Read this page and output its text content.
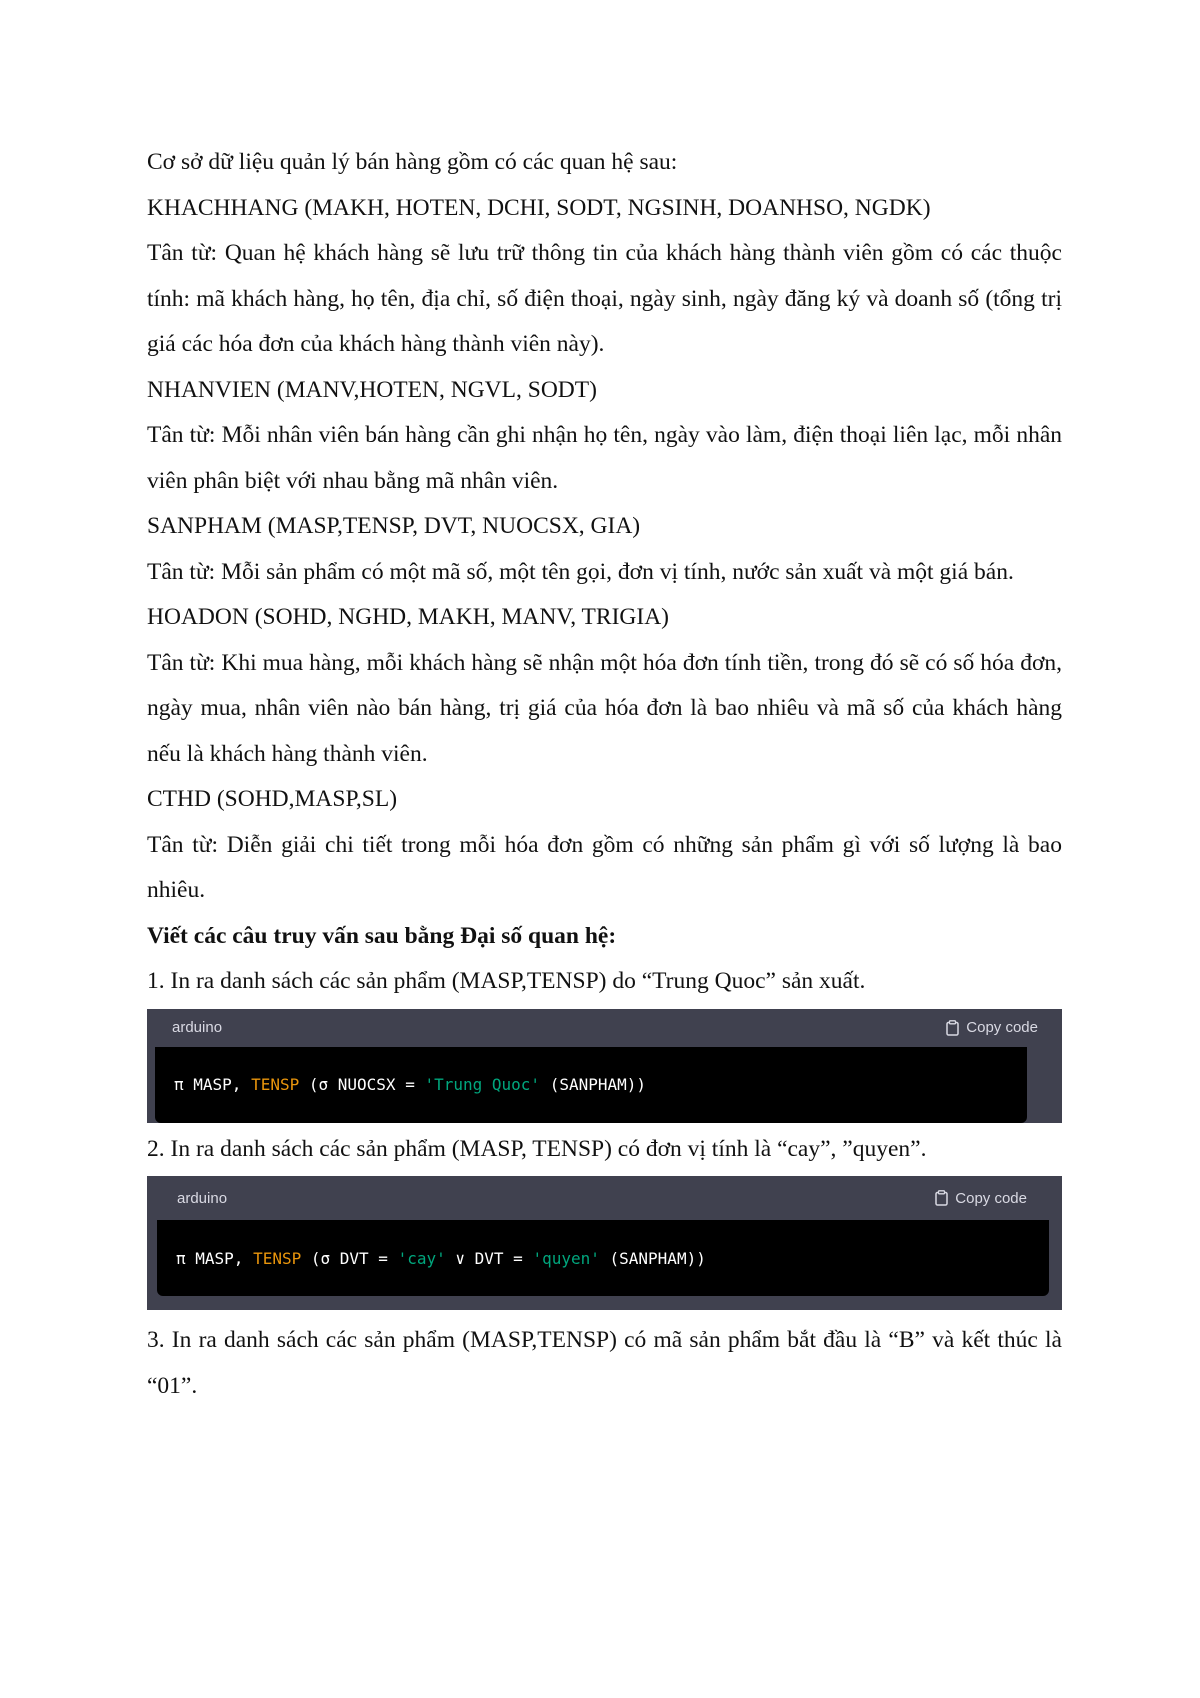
Cơ sở dữ liệu quản lý bán hàng gồm có các quan hệ sau:

KHACHHANG (MAKH, HOTEN, DCHI, SODT, NGSINH, DOANHSO, NGDK)

Tân từ: Quan hệ khách hàng sẽ lưu trữ thông tin của khách hàng thành viên gồm có các thuộc tính: mã khách hàng, họ tên, địa chỉ, số điện thoại, ngày sinh, ngày đăng ký và doanh số (tổng trị giá các hóa đơn của khách hàng thành viên này).

NHANVIEN (MANV,HOTEN, NGVL, SODT)

Tân từ: Mỗi nhân viên bán hàng cần ghi nhận họ tên, ngày vào làm, điện thoại liên lạc, mỗi nhân viên phân biệt với nhau bằng mã nhân viên.

SANPHAM (MASP,TENSP, DVT, NUOCSX, GIA)

Tân từ: Mỗi sản phẩm có một mã số, một tên gọi, đơn vị tính, nước sản xuất và một giá bán.

HOADON (SOHD, NGHD, MAKH, MANV, TRIGIA)

Tân từ: Khi mua hàng, mỗi khách hàng sẽ nhận một hóa đơn tính tiền, trong đó sẽ có số hóa đơn, ngày mua, nhân viên nào bán hàng, trị giá của hóa đơn là bao nhiêu và mã số của khách hàng nếu là khách hàng thành viên.

CTHD (SOHD,MASP,SL)

Tân từ: Diễn giải chi tiết trong mỗi hóa đơn gồm có những sản phẩm gì với số lượng là bao nhiêu.

Viết các câu truy vấn sau bằng Đại số quan hệ:

1. In ra danh sách các sản phẩm (MASP,TENSP) do “Trung Quoc” sản xuất.

arduino	Copy code
π MASP, TENSP (σ NUOCSX = 'Trung Quoc' (SANPHAM))

2. In ra danh sách các sản phẩm (MASP, TENSP) có đơn vị tính là “cay”, ”quyen”.

arduino	Copy code
π MASP, TENSP (σ DVT = 'cay' ∨ DVT = 'quyen' (SANPHAM))

3. In ra danh sách các sản phẩm (MASP,TENSP) có mã sản phẩm bắt đầu là “B” và kết thúc là “01”.
